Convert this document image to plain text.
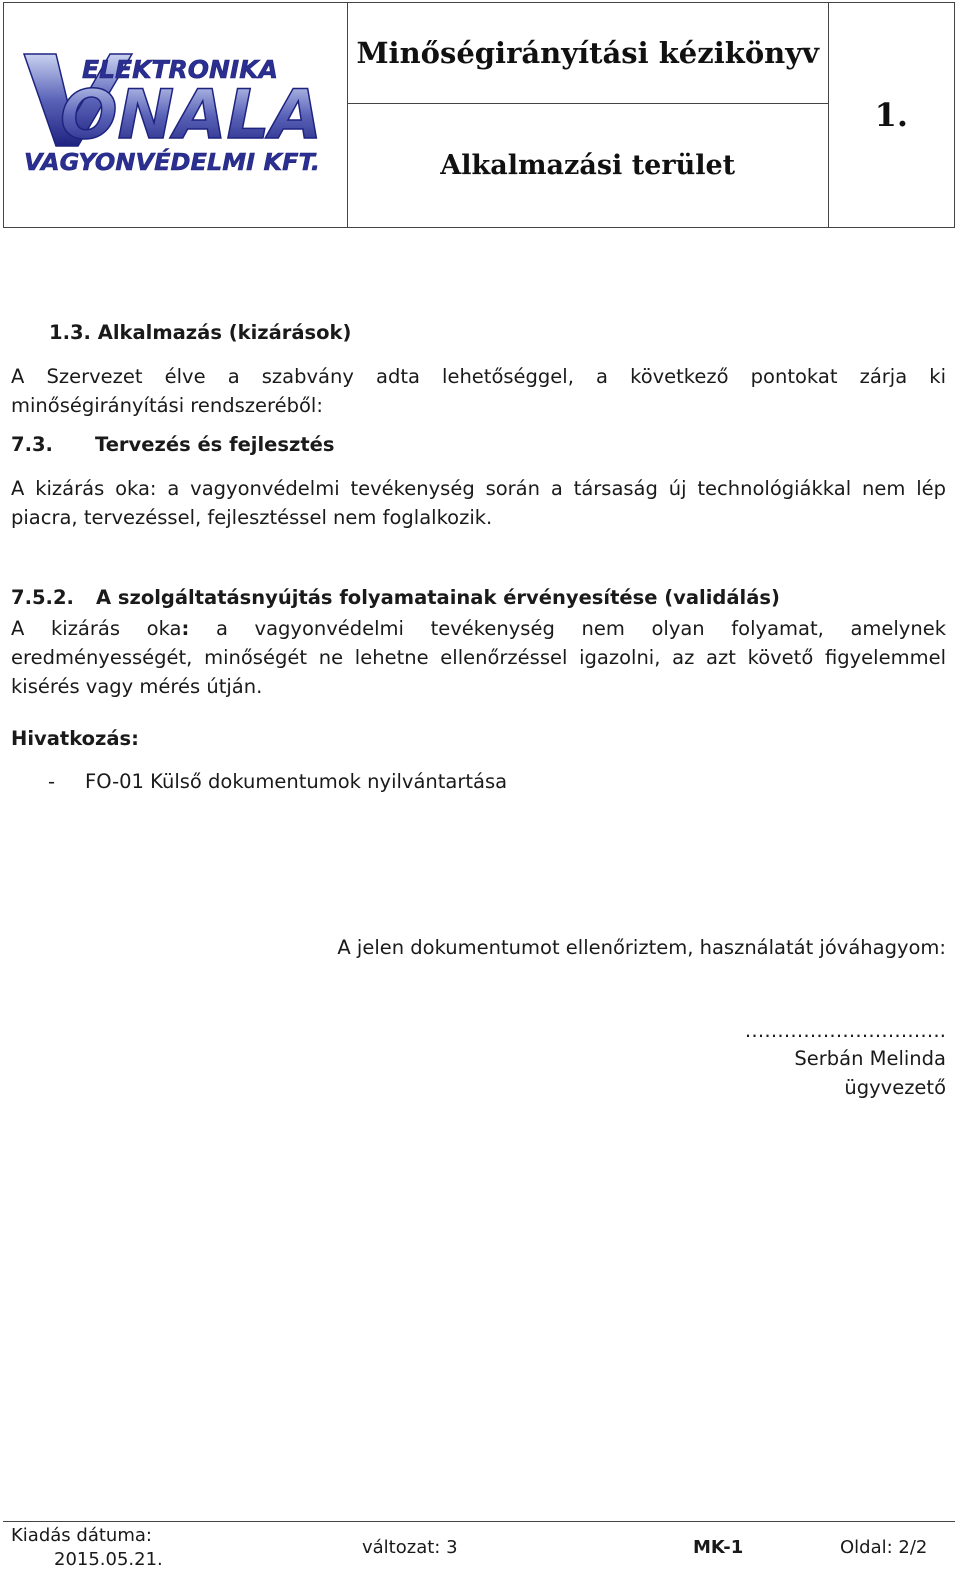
ELEKTRONIKA
ONALA
VAGYONVÉDELMI KFT.
	Minőségirányítási kézikönyv	1.
Alkalmazási terület
1.3. Alkalmazás (kizárások)
A Szervezet élve a szabvány adta lehetőséggel, a következő pontokat zárja ki minőségirányítási rendszeréből:
7.3. Tervezés és fejlesztés
A kizárás oka: a vagyonvédelmi tevékenység során a társaság új technológiákkal nem lép piacra, tervezéssel, fejlesztéssel nem foglalkozik.
7.5.2. A szolgáltatásnyújtás folyamatainak érvényesítése (validálás)
A kizárás oka: a vagyonvédelmi tevékenység nem olyan folyamat, amelynek eredményességét, minőségét ne lehetne ellenőrzéssel igazolni, az azt követő figyelemmel kisérés vagy mérés útján.
Hivatkozás:
- FO-01 Külső dokumentumok nyilvántartása
A jelen dokumentumot ellenőriztem, használatát jóváhagyom:
………………………….
Serbán Melinda
ügyvezető
Kiadás dátuma:
2015.05.21.
változat: 3	MK-1	Oldal: 2/2
